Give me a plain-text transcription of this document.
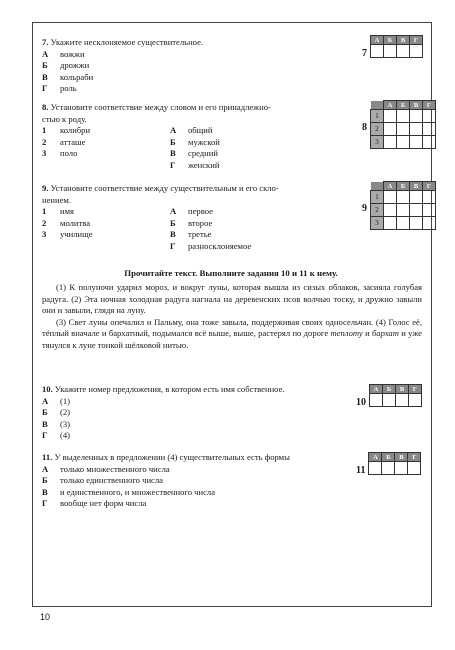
7. Укажите несклоняемое существительное.
А	вожжи
Б	дрожжи
В	кольраби
Г	роль
7
А	Б	В	Г

8. Установите соответствие между словом и его принадлежно-
стью к роду.
1	колибри
2	атташе
3	поло
А	общий
Б	мужской
В	средний
Г	женский
8
	А	Б	В	Г
1				
2				
3				
9. Установите соответствие между существительным и его скло-
нением.
1	имя
2	молитва
3	училище
А	первое
Б	второе
В	третье
Г	разносклоняемое
9
	А	Б	В	Г
1				
2				
3				
Прочитайте текст. Выполните задания 10 и 11 к нему.

(1) К полуночи ударил мороз, и вокруг луны, которая вышла из сизых облаков, засияла голубая радуга. (2) Эта ночная холодная радуга нагнала на деревенских псов волчью тоску, и дружно завыли они и завыли, глядя на луну.

(3) Свет луны опечалил и Пальму, она тоже завыла, поддерживая своих односельчан. (4) Голос её, тёплый вначале и бархатный, подымался всё выше, выше, растерял по дороге теплоту и бархат и уже тянулся к луне тонкой шёлковой нитью.

10. Укажите номер предложения, в котором есть имя собственное.
А	(1)
Б	(2)
В	(3)
Г	(4)
10
А	Б	В	Г

11. У выделенных в предложении (4) существительных есть формы
А	только множественного числа
Б	только единственного числа
В	и единственного, и множественного числа
Г	вообще нет форм числа
11
А	Б	В	Г

10
